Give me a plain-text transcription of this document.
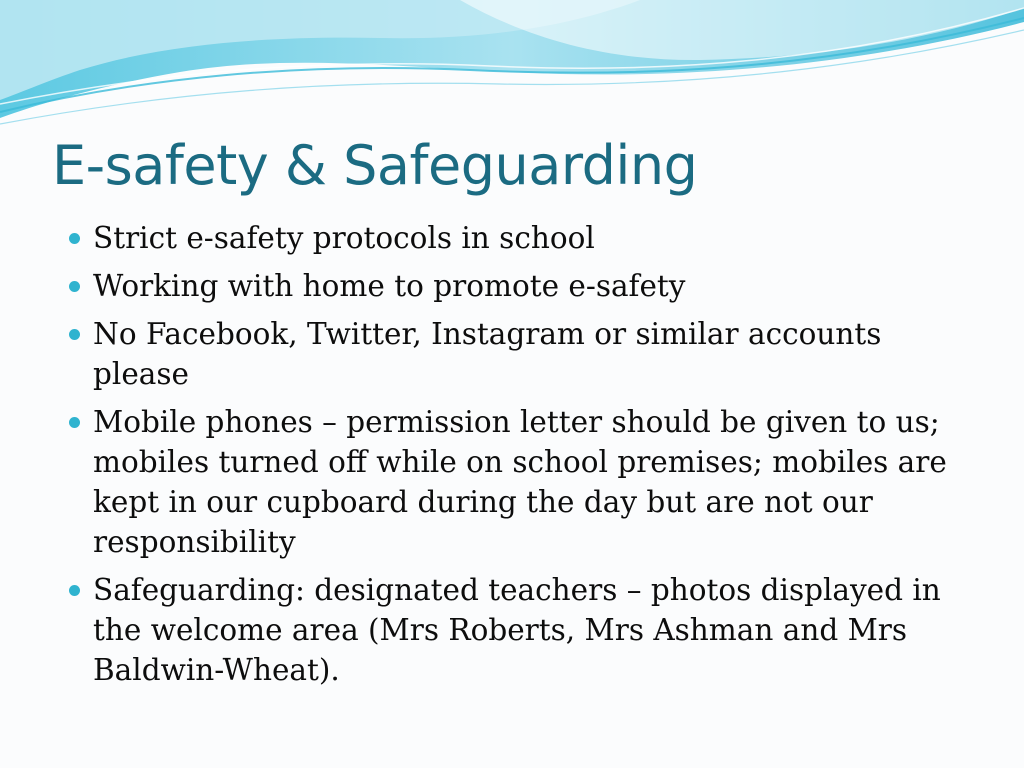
E-safety & Safeguarding
Strict e-safety protocols in school
Working with home to promote e-safety
No Facebook, Twitter, Instagram or similar accounts please
Mobile phones – permission letter should be given to us; mobiles turned off while on school premises; mobiles are kept in our cupboard during the day but are not our responsibility
Safeguarding: designated teachers – photos displayed in the welcome area (Mrs Roberts, Mrs Ashman and Mrs Baldwin-Wheat).
